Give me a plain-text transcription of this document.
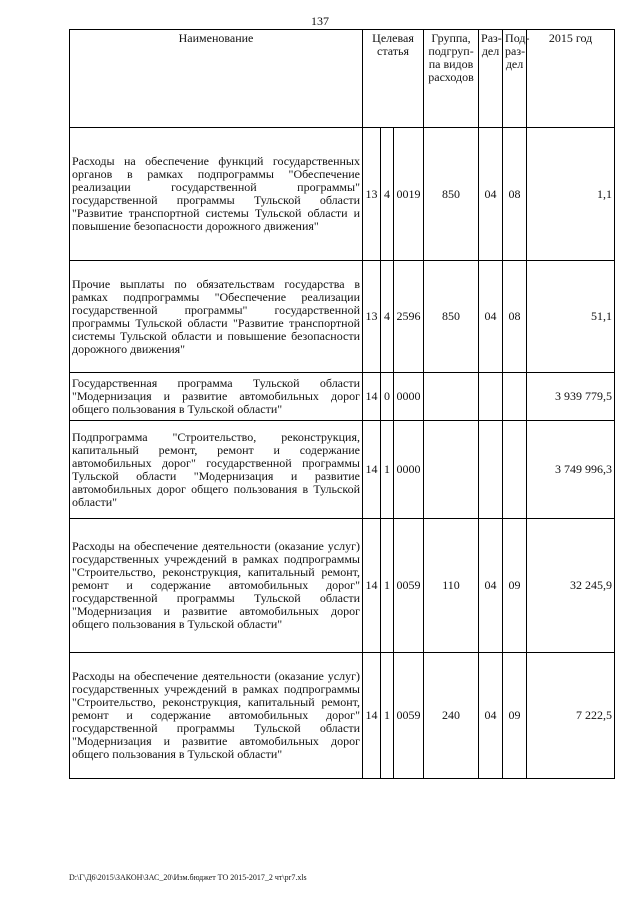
137
Наименование	Целевая статья			Группа, подгруп-па видов расходов	Раз-дел	Под-раз-дел	2015 год
Расходы на обеспечение функций государственных органов в рамках подпрограммы "Обеспечение реализации государственной программы" государственной программы Тульской области "Развитие транспортной системы Тульской области и повышение безопасности дорожного движения"	13	4	0019	850	04	08	1,1
Прочие выплаты по обязательствам государства в рамках подпрограммы "Обеспечение реализации государственной программы" государственной программы Тульской области "Развитие транспортной системы Тульской области и повышение безопасности дорожного движения"	13	4	2596	850	04	08	51,1
Государственная программа Тульской области "Модернизация и развитие автомобильных дорог общего пользования в Тульской области"	14	0	0000				3 939 779,5
Подпрограмма "Строительство, реконструкция, капитальный ремонт, ремонт и содержание автомобильных дорог" государственной программы Тульской области "Модернизация и развитие автомобильных дорог общего пользования в Тульской области"	14	1	0000				3 749 996,3
Расходы на обеспечение деятельности (оказание услуг) государственных учреждений в рамках подпрограммы "Строительство, реконструкция, капитальный ремонт, ремонт и содержание автомобильных дорог" государственной программы Тульской области "Модернизация и развитие автомобильных дорог общего пользования в Тульской области"	14	1	0059	110	04	09	32 245,9
Расходы на обеспечение деятельности (оказание услуг) государственных учреждений в рамках подпрограммы "Строительство, реконструкция, капитальный ремонт, ремонт и содержание автомобильных дорог" государственной программы Тульской области "Модернизация и развитие автомобильных дорог общего пользования в Тульской области"	14	1	0059	240	04	09	7 222,5
D:\Г\Д6\2015\ЗАКОН\ЗАС_20\Изм.бюджет ТО 2015-2017_2 чт\pr7.xls
